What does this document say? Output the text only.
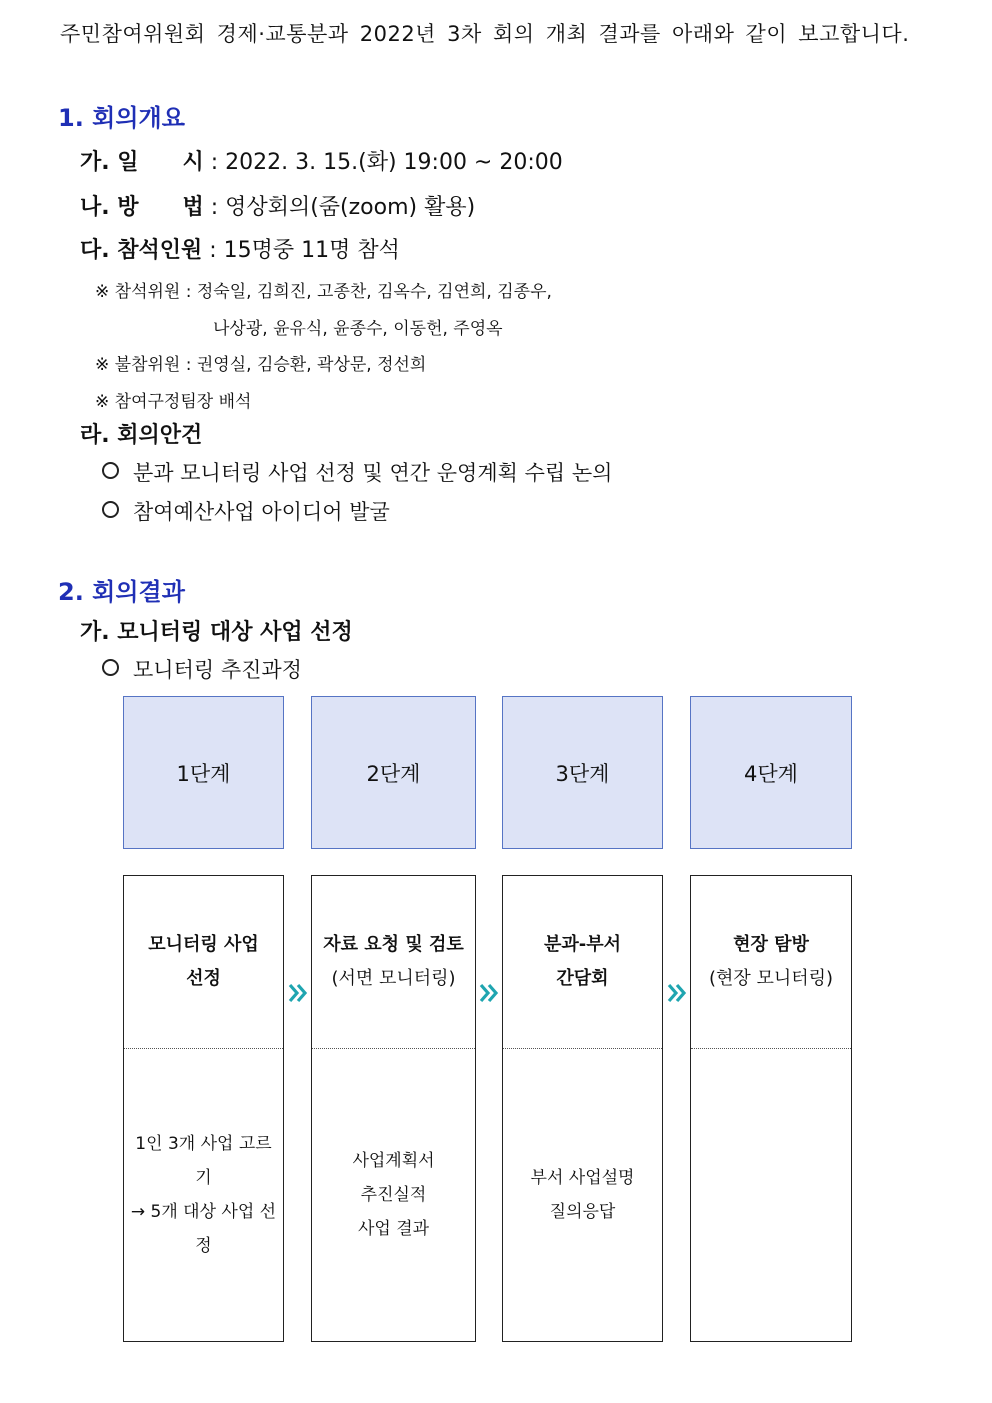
주민참여위원회 경제·교통분과 2022년 3차 회의 개최 결과를 아래와 같이 보고합니다.
1. 회의개요
가. 일　　시 : 2022. 3. 15.(화) 19:00 ~ 20:00
나. 방　　법 : 영상회의(줌(zoom) 활용)
다. 참석인원 : 15명중 11명 참석
※ 참석위원 : 정숙일, 김희진, 고종찬, 김옥수, 김연희, 김종우,
나상광, 윤유식, 윤종수, 이동헌, 주영옥
※ 불참위원 : 권영실, 김승환, 곽상문, 정선희
※ 참여구정팀장 배석
라. 회의안건
분과 모니터링 사업 선정 및 연간 운영계획 수립 논의
참여예산사업 아이디어 발굴
2. 회의결과
가. 모니터링 대상 사업 선정
모니터링 추진과정
1단계	2단계	3단계	4단계
모니터링 사업
선정
1인 3개 사업 고르기
→ 5개 대상 사업 선
정
자료 요청 및 검토
(서면 모니터링)
사업계획서
추진실적
사업 결과
분과-부서
간담회
부서 사업설명
질의응답
현장 탐방
(현장 모니터링)
